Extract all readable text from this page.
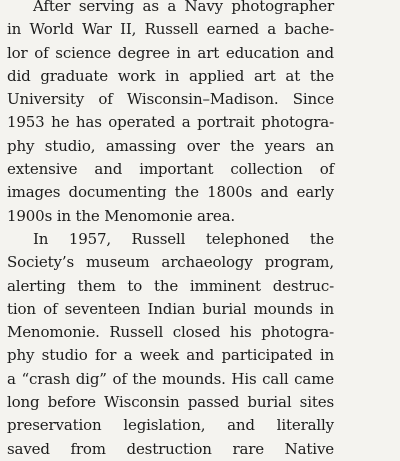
After serving as a Navy photographer
in World War II, Russell earned a bache-
lor of science degree in art education and
did graduate work in applied art at the
University of Wisconsin–Madison. Since
1953 he has operated a portrait photogra-
phy studio, amassing over the years an
extensive and important collection of
images documenting the 1800s and early
1900s in the Menomonie area.
In 1957, Russell telephoned the
Society’s museum archaeology program,
alerting them to the imminent destruc-
tion of seventeen Indian burial mounds in
Menomonie. Russell closed his photogra-
phy studio for a week and participated in
a “crash dig” of the mounds. His call came
long before Wisconsin passed burial sites
preservation legislation, and literally
saved from destruction rare Native
